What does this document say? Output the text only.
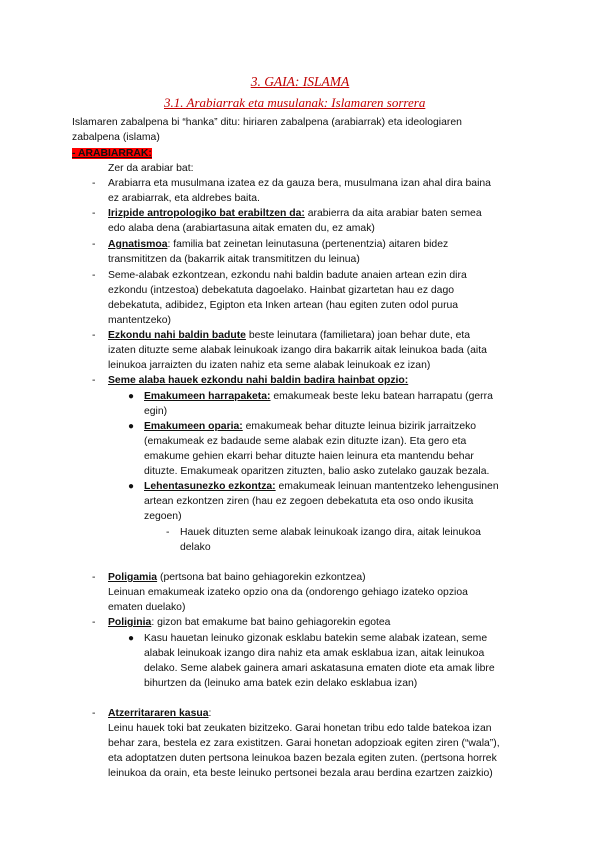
3. GAIA: ISLAMA
3.1. Arabiarrak eta musulanak: Islamaren sorrera
Islamaren zabalpena bi “hanka” ditu: hiriaren zabalpena (arabiarrak) eta ideologiaren
zabalpena (islama)
- ARABIARRAK:
Zer da arabiar bat:
- Arabiarra eta musulmana izatea ez da gauza bera, musulmana izan ahal dira baina
ez arabiarrak, eta aldrebes baita.
- Irizpide antropologiko bat erabiltzen da: arabierra da aita arabiar baten semea
edo alaba dena (arabiartasuna aitak ematen du, ez amak)
- Agnatismoa: familia bat zeinetan leinutasuna (pertenentzia) aitaren bidez
transmititzen da (bakarrik aitak transmititzen du leinua)
- Seme-alabak ezkontzean, ezkondu nahi baldin badute anaien artean ezin dira
ezkondu (intzestoa) debekatuta dagoelako. Hainbat gizartetan hau ez dago
debekatuta, adibidez, Egipton eta Inken artean (hau egiten zuten odol purua
mantentzeko)
- Ezkondu nahi baldin badute beste leinutara (familietara) joan behar dute, eta
izaten dituzte seme alabak leinukoak izango dira bakarrik aitak leinukoa bada (aita
leinukoa jarraizten du izaten nahiz eta seme alabak leinukoak ez izan)
- Seme alaba hauek ezkondu nahi baldin badira hainbat opzio:
● Emakumeen harrapaketa: emakumeak beste leku batean harrapatu (gerra
egin)
● Emakumeen oparia: emakumeak behar dituzte leinua bizirik jarraitzeko
(emakumeak ez badaude seme alabak ezin dituzte izan). Eta gero eta
emakume gehien ekarri behar dituzte haien leinura eta mantendu behar
dituzte. Emakumeak oparitzen zituzten, balio asko zutelako gauzak bezala.
● Lehentasunezko ezkontza: emakumeak leinuan mantentzeko lehengusinen
artean ezkontzen ziren (hau ez zegoen debekatuta eta oso ondo ikusita
zegoen)
- Hauek dituzten seme alabak leinukoak izango dira, aitak leinukoa
delako
- Poligamia (pertsona bat baino gehiagorekin ezkontzea)
Leinuan emakumeak izateko opzio ona da (ondorengo gehiago izateko opzioa
ematen duelako)
- Poliginia: gizon bat emakume bat baino gehiagorekin egotea
● Kasu hauetan leinuko gizonak esklabu batekin seme alabak izatean, seme
alabak leinukoak izango dira nahiz eta amak esklabua izan, aitak leinukoa
delako. Seme alabek gainera amari askatasuna ematen diote eta amak libre
bihurtzen da (leinuko ama batek ezin delako esklabua izan)
- Atzerritararen kasua:
Leinu hauek toki bat zeukaten bizitzeko. Garai honetan tribu edo talde batekoa izan
behar zara, bestela ez zara existitzen. Garai honetan adopzioak egiten ziren (“wala”),
eta adoptatzen duten pertsona leinukoa bazen bezala egiten zuten. (pertsona horrek
leinukoa da orain, eta beste leinuko pertsonei bezala arau berdina ezartzen zaizkio)
